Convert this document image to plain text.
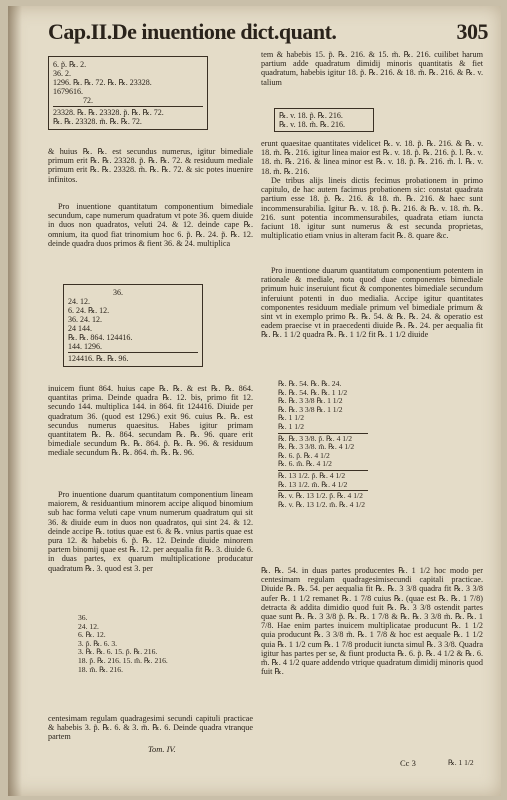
Cap.II.De inuentione dict.quant.	305
6. p̃. ℞. 2.
36. 2.
1296. ℞. ℞. 72. ℞. ℞. 23328.
1679616.
72.
23328. ℞. ℞. 23328. p̃. ℞. ℞. 72.
℞. ℞. 23328. m̃. ℞. ℞. 72.

& huius ℞. ℞. est secundus numerus, igitur bimediale primum erit ℞. ℞. 23328. p̃. ℞. ℞. 72. & residuum mediale primum erit ℞. ℞. 23328. m̃. ℞. ℞. 72. & sic potes inuenire infinitos.

Pro inuentione quantitatum componentium bimediale secundum, cape numerum quadratum vt pote 36. quem diuide in duos non quadratos, veluti 24. & 12. deinde cape ℞. omnium, ita quod fiat trinomium hoc 6. p̃. ℞. 24. p̃. ℞. 12. deinde quadra duos primos & fient 36. & 24. multiplica

36.
24. 12.
6. 24. ℞. 12.
36. 24. 12.
24 144.
℞. ℞. 864. 124416.
144. 1296.
124416. ℞. ℞. 96.

inuicem fiunt 864. huius cape ℞. ℞. & est ℞. ℞. 864. quantitas prima. Deinde quadra ℞. 12. bis, primo fit 12. secundo 144. multiplica 144. in 864. fit 124416. Diuide per quadratum 36. (quod est 1296.) exit 96. cuius ℞. ℞. est secundus numerus quaesitus. Habes igitur primam quantitatem ℞. ℞. 864. secundam ℞. ℞. 96. quare erit bimediale secundum ℞. ℞. 864. p̃. ℞. ℞. 96. & residuum mediale secundum ℞. ℞. 864. m̃. ℞. ℞. 96.

Pro inuentione duarum quantitatum componentium lineam maiorem, & residuantium minorem accipe aliquod binomium sub hac forma veluti cape vnum numerum quadratum qui sit 36. & diuide eum in duos non quadratos, qui sint 24. & 12. deinde accipe ℞. totius quae est 6. & ℞. vnius partis quae est pura 12. & habebis 6. p̃. ℞. 12. Deinde diuide minorem partem binomij quae est ℞. 12. per aequalia fit ℞. 3. diuide 6. in duas partes, ex quarum multiplicatione producatur quadratum ℞. 3. quod est 3. per

36.
24. 12.
6. ℞. 12.
3. p̃. ℞. 6. 3.
3. ℞. ℞. 6. 15. p̃. ℞. 216.
18. p̃. ℞. 216. 15. m̃. ℞. 216.
18. m̃. ℞. 216.

centesimam regulam quadragesimi secundi capituli practicae & habebis 3. p̃. ℞. 6. & 3. m̃. ℞. 6. Deinde quadra vtranque partem

Tom. IV.

tem & habebis 15. p̃. ℞. 216. & 15. m̃. ℞. 216. cuilibet harum partium adde quadratum dimidij minoris quantitatis & fiet quadratum, habebis igitur 18. p̃. ℞. 216. & 18. m̃. ℞. 216. & ℞. v. talium

℞. v. 18. p̃. ℞. 216.
℞. v. 18. m̃. ℞. 216.

erunt quaesitae quantitates videlicet ℞. v. 18. p̃. ℞. 216. & ℞. v. 18. m̃. ℞. 216. igitur linea maior est ℞. v. 18. p̃. ℞. 216. p̃. l. ℞. v. 18. m̃. ℞. 216. & linea minor est ℞. v. 18. p̃. ℞. 216. m̃. l. ℞. v. 18. m̃. ℞. 216.

De tribus alijs lineis dictis fecimus probationem in primo capitulo, de hac autem facimus probationem sic: constat quadrata partium esse 18. p̃. ℞. 216. & 18. m̃. ℞. 216. & haec sunt incommensurabilia. Igitur ℞. v. 18. p̃. ℞. 216. & ℞. v. 18. m̃. ℞. 216. sunt potentia incommensurabiles, quadrata etiam iuncta faciunt 18. igitur sunt numerus & est secunda proprietas, multiplicatio etiam vnius in alteram facit ℞. 8. quare &c.

Pro inuentione duarum quantitatum componentium potentem in rationale & mediale, nota quod duae componentes bimediale primum huic inseruiunt ficut & componentes bimediale secundum inferuiunt potenti in duo medialia. Accipe igitur quantitates componentes residuum mediale primum vel bimediale primum & sint vt in exemplo primo ℞. ℞. 54. & ℞. ℞. 24. & operatio est eadem praecise vt in praecedenti diuide ℞. ℞. 24. per aequalia fit ℞. ℞. 1 1/2 quadra ℞. ℞. 1 1/2 fit ℞. 1 1/2 diuide

℞. ℞. 54. ℞. ℞. 24.
℞. ℞. 54. ℞. ℞. 1 1/2
℞. ℞. 3 3/8 ℞. 1 1/2
℞. ℞. 3 3/8 ℞. 1 1/2
℞. 1 1/2
℞. 1 1/2
℞. ℞. 3 3/8. p̃. ℞. 4 1/2
℞. ℞. 3 3/8. m̃. ℞. 4 1/2
℞. 6. p̃. ℞. 4 1/2
℞. 6. m̃. ℞. 4 1/2
℞. 13 1/2. p̃. ℞. 4 1/2
℞. 13 1/2. m̃. ℞. 4 1/2
℞. v. ℞. 13 1/2. p̃. ℞. 4 1/2
℞. v. ℞. 13 1/2. m̃. ℞. 4 1/2

℞. ℞. 54. in duas partes producentes ℞. 1 1/2 hoc modo per centesimam regulam quadragesimisecundi capitali practicae. Diuide ℞. ℞. 54. per aequalia fit ℞. ℞. 3 3/8 quadra fit ℞. 3 3/8 aufer ℞. 1 1/2 remanet ℞. 1 7/8 cuius ℞. (quae est ℞. ℞. 1 7/8) detracta & addita dimidio quod fuit ℞. ℞. 3 3/8 ostendit partes quae sunt ℞. ℞. 3 3/8 p̃. ℞. ℞. 1 7/8 & ℞. ℞. 3 3/8 m̃. ℞. ℞. 1 7/8. Hae enim partes inuicem multiplicatae producunt ℞. 1 1/2 quia producunt ℞. 3 3/8 m̃. ℞. 1 7/8 & hoc est aequale ℞. 1 1/2 quia ℞. 1 1/2 cum ℞. 1 7/8 producit iuncta simul ℞. 3 3/8. Quadra igitur has partes per se, & fiunt producta ℞. 6. p̃. ℞. 4 1/2 & ℞. 6. m̃. ℞. 4 1/2 quare addendo vtrique quadratum dimidij minoris quod fuit ℞.

Cc 3	℞. 1 1/2
